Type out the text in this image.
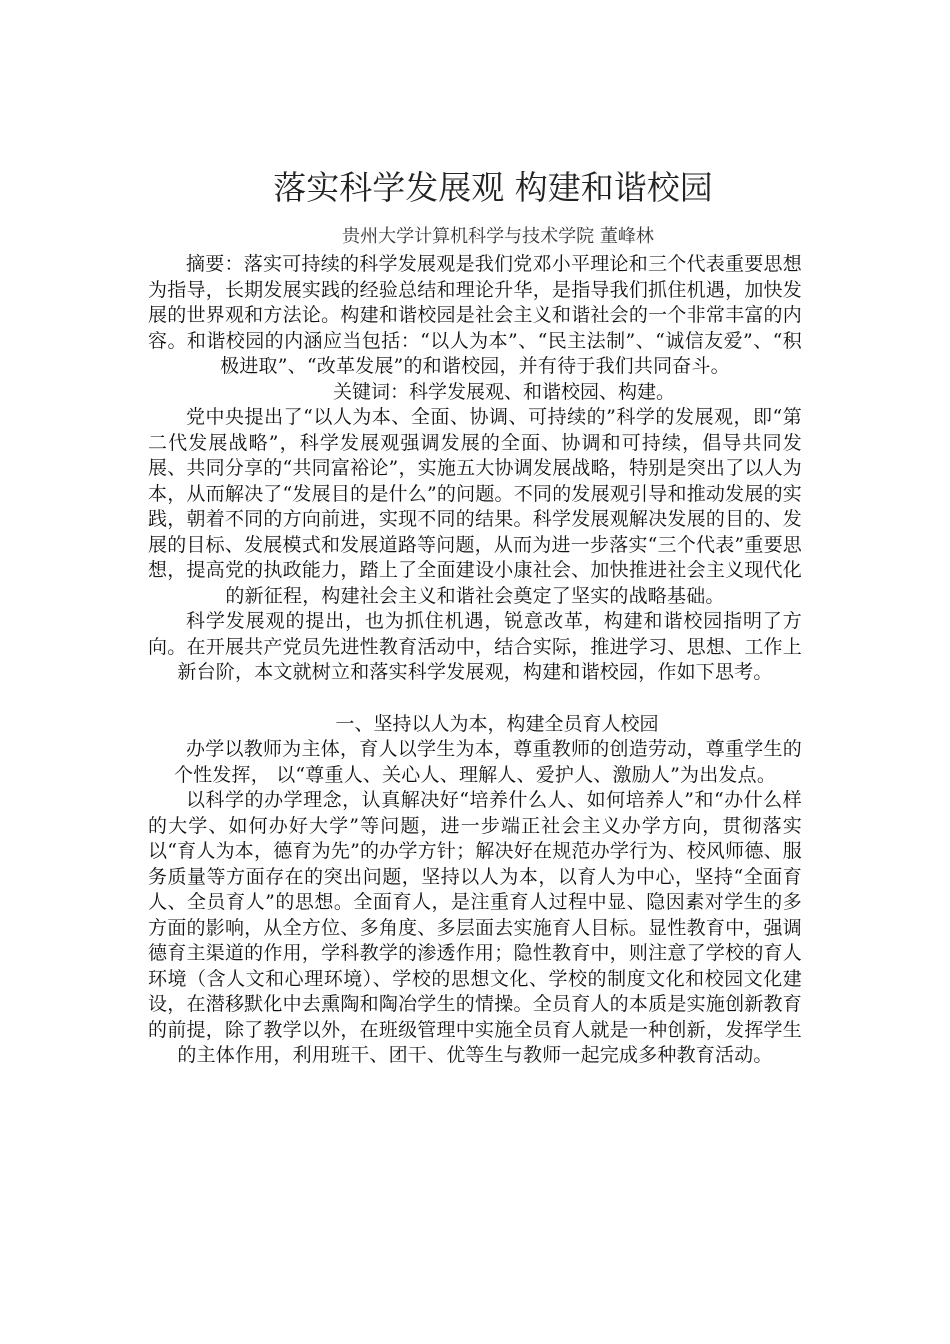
落实科学发展观 构建和谐校园
贵州大学计算机科学与技术学院 董峰林

摘要：落实可持续的科学发展观是我们党邓小平理论和三个代表重要思想为指导，长期发展实践的经验总结和理论升华，是指导我们抓住机遇，加快发展的世界观和方法论。构建和谐校园是社会主义和谐社会的一个非常丰富的内容。和谐校园的内涵应当包括：“以人为本”、“民主法制”、“诚信友爱”、“积极进取”、“改革发展”的和谐校园，并有待于我们共同奋斗。

关键词：科学发展观、和谐校园、构建。

党中央提出了“以人为本、全面、协调、可持续的”科学的发展观，即“第二代发展战略”，科学发展观强调发展的全面、协调和可持续，倡导共同发展、共同分享的“共同富裕论”，实施五大协调发展战略，特别是突出了以人为本，从而解决了“发展目的是什么”的问题。不同的发展观引导和推动发展的实践，朝着不同的方向前进，实现不同的结果。科学发展观解决发展的目的、发展的目标、发展模式和发展道路等问题，从而为进一步落实“三个代表”重要思想，提高党的执政能力，踏上了全面建设小康社会、加快推进社会主义现代化的新征程，构建社会主义和谐社会奠定了坚实的战略基础。

科学发展观的提出，也为抓住机遇，锐意改革，构建和谐校园指明了方向。在开展共产党员先进性教育活动中，结合实际，推进学习、思想、工作上新台阶，本文就树立和落实科学发展观，构建和谐校园，作如下思考。

一、坚持以人为本，构建全员育人校园

办学以教师为主体，育人以学生为本，尊重教师的创造劳动，尊重学生的个性发挥， 以“尊重人、关心人、理解人、爱护人、激励人”为出发点。

以科学的办学理念，认真解决好“培养什么人、如何培养人”和“办什么样的大学、如何办好大学”等问题，进一步端正社会主义办学方向，贯彻落实以“育人为本，德育为先”的办学方针；解决好在规范办学行为、校风师德、服务质量等方面存在的突出问题，坚持以人为本，以育人为中心，坚持“全面育人、全员育人”的思想。全面育人，是注重育人过程中显、隐因素对学生的多方面的影响，从全方位、多角度、多层面去实施育人目标。显性教育中，强调德育主渠道的作用，学科教学的渗透作用；隐性教育中，则注意了学校的育人环境（含人文和心理环境）、学校的思想文化、学校的制度文化和校园文化建设，在潜移默化中去熏陶和陶冶学生的情操。全员育人的本质是实施创新教育的前提，除了教学以外，在班级管理中实施全员育人就是一种创新，发挥学生的主体作用，利用班干、团干、优等生与教师一起完成多种教育活动。
